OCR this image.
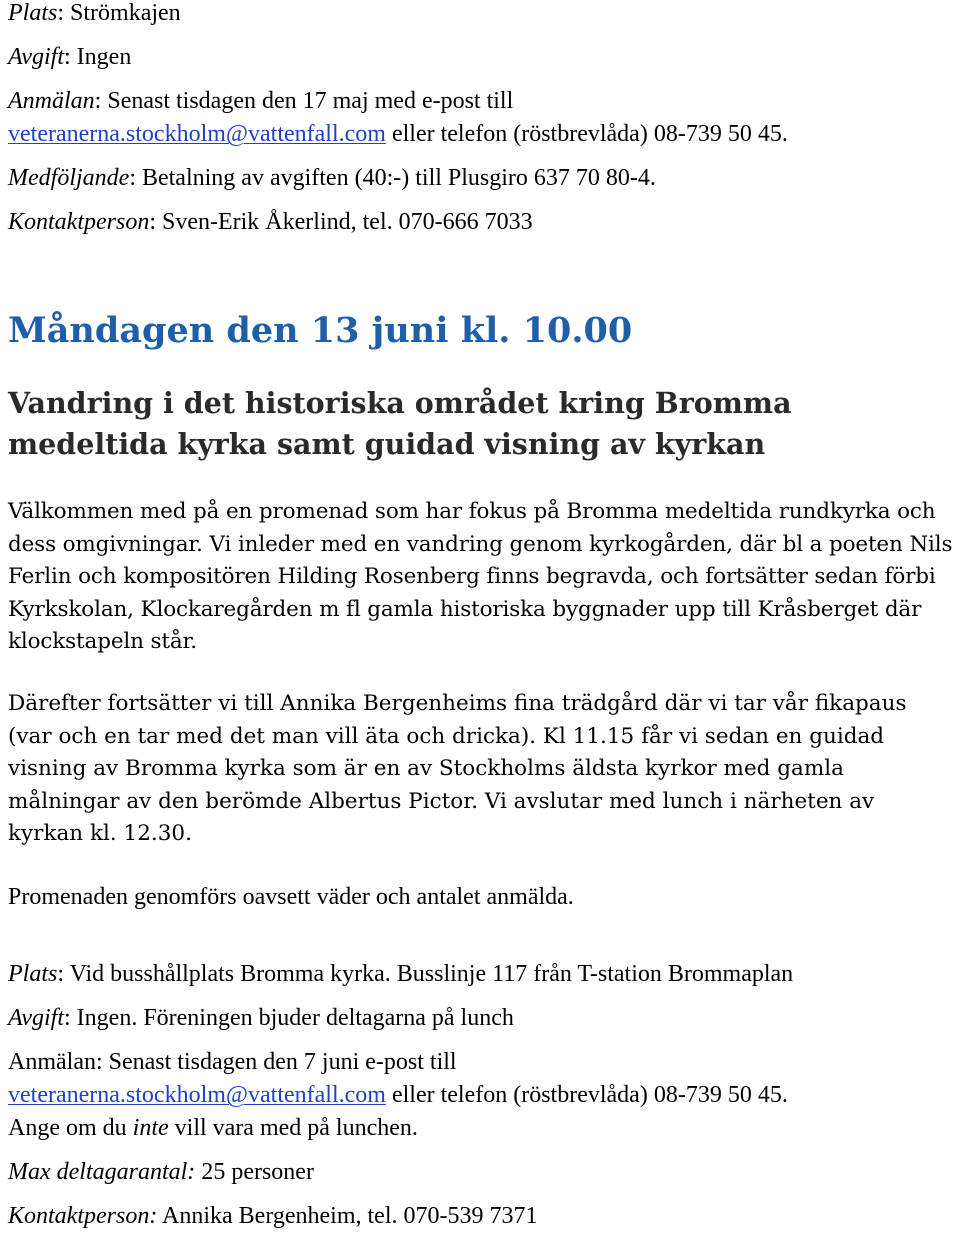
Plats: Strömkajen

Avgift: Ingen

Anmälan: Senast tisdagen den 17 maj med e-post till

veteranerna.stockholm@vattenfall.com eller telefon (röstbrevlåda) 08-739 50 45.

Medföljande: Betalning av avgiften (40:-) till Plusgiro 637 70 80-4.

Kontaktperson: Sven-Erik Åkerlind, tel. 070-666 7033

Måndagen den 13 juni kl. 10.00
Vandring i det historiska området kring Bromma medeltida kyrka samt guidad visning av kyrkan

Välkommen med på en promenad som har fokus på Bromma medeltida rundkyrka och dess omgivningar. Vi inleder med en vandring genom kyrkogården, där bl a poeten Nils Ferlin och kompositören Hilding Rosenberg finns begravda, och fortsätter sedan förbi Kyrkskolan, Klockaregården m fl gamla historiska byggnader upp till Kråsberget där klockstapeln står.

Därefter fortsätter vi till Annika Bergenheims fina trädgård där vi tar vår fikapaus (var och en tar med det man vill äta och dricka). Kl 11.15 får vi sedan en guidad visning av Bromma kyrka som är en av Stockholms äldsta kyrkor med gamla målningar av den berömde Albertus Pictor. Vi avslutar med lunch i närheten av kyrkan kl. 12.30.

Promenaden genomförs oavsett väder och antalet anmälda.

Plats: Vid busshållplats Bromma kyrka. Busslinje 117 från T-station Brommaplan

Avgift: Ingen. Föreningen bjuder deltagarna på lunch

Anmälan: Senast tisdagen den 7 juni e-post till

veteranerna.stockholm@vattenfall.com eller telefon (röstbrevlåda) 08-739 50 45.

Ange om du inte vill vara med på lunchen.

Max deltagarantal: 25 personer

Kontaktperson: Annika Bergenheim, tel. 070-539 7371
